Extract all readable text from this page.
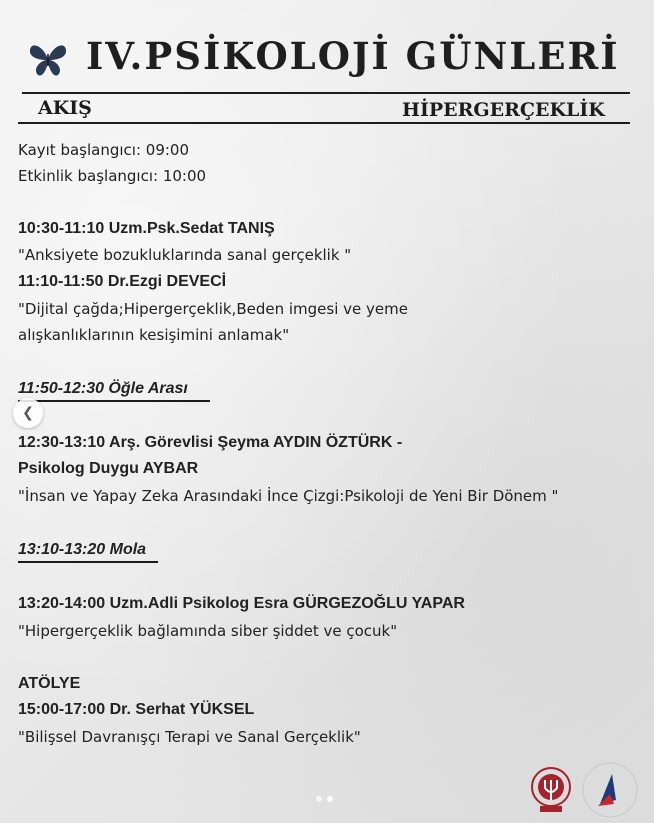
IV.PSİKOLOJİ GÜNLERİ
AKIŞ	HİPERGERÇEKLİK
Kayıt başlangıcı: 09:00
Etkinlik başlangıcı: 10:00
10:30-11:10 Uzm.Psk.Sedat TANIŞ
"Anksiyete bozukluklarında sanal gerçeklik "
11:10-11:50 Dr.Ezgi DEVECİ
"Dijital çağda;Hipergerçeklik,Beden imgesi ve yeme
alışkanlıklarının kesişimini anlamak"
11:50-12:30 Öğle Arası
12:30-13:10 Arş. Görevlisi Şeyma AYDIN ÖZTÜRK -
Psikolog Duygu AYBAR
"İnsan ve Yapay Zeka Arasındaki İnce Çizgi:Psikoloji de Yeni Bir Dönem "
13:10-13:20 Mola
13:20-14:00 Uzm.Adli Psikolog Esra GÜRGEZOĞLU YAPAR
"Hipergerçeklik bağlamında siber şiddet ve çocuk"
ATÖLYE
15:00-17:00 Dr. Serhat YÜKSEL
"Bilişsel Davranışçı Terapi ve Sanal Gerçeklik"
❮
